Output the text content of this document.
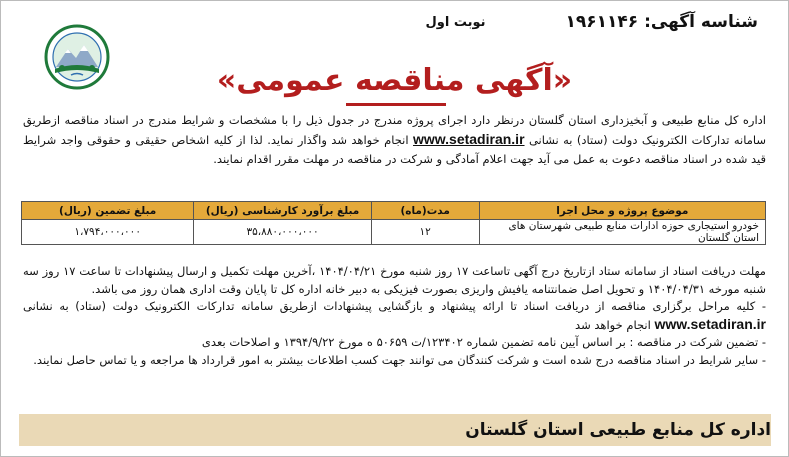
شناسه آگهی: ۱۹۶۱۱۴۶
نوبت اول
«آگهی مناقصه عمومی»
اداره کل منابع طبیعی و آبخیزداری استان گلستان درنظر دارد اجرای پروژه مندرج در جدول ذیل را با مشخصات و شرایط مندرج در اسناد مناقصه ازطریق سامانه تدارکات الکترونیک دولت (ستاد) به نشانی www.setadiran.ir انجام خواهد شد واگذار نماید. لذا از کلیه اشخاص حقیقی و حقوقی واجد شرایط قید شده در اسناد مناقصه دعوت به عمل می آید جهت اعلام آمادگی و شرکت در مناقصه در مهلت مقرر اقدام نمایند.
موضوع پروژه و محل اجرا	مدت(ماه)	مبلغ برآورد کارشناسی (ریال)	مبلغ تضمین (ریال)
خودرو استیجاری حوزه ادارات منابع طبیعی شهرستان های استان گلستان	۱۲	۳۵،۸۸۰،۰۰۰،۰۰۰	۱،۷۹۴،۰۰۰،۰۰۰

مهلت دریافت اسناد از سامانه ستاد ازتاریخ درج آگهی تاساعت ۱۷ روز شنبه مورخ ۱۴۰۴/۰۴/۲۱ ،آخرین مهلت تکمیل و ارسال پیشنهادات تا ساعت ۱۷ روز سه شنبه مورخه ۱۴۰۴/۰۴/۳۱ و تحویل اصل ضمانتنامه یافیش واریزی بصورت فیزیکی به دبیر خانه اداره کل تا پایان وقت اداری همان روز می باشد.

- کلیه مراحل برگزاری مناقصه از دریافت اسناد تا ارائه پیشنهاد و بازگشایی پیشنهادات ازطریق سامانه تدارکات الکترونیک دولت (ستاد) به نشانی www.setadiran.ir انجام خواهد شد

- تضمین شرکت در مناقصه : بر اساس آیین نامه تضمین شماره ۱۲۳۴۰۲/ت ۵۰۶۵۹ ه مورخ ۱۳۹۴/۹/۲۲ و اصلاحات بعدی

- سایر شرایط در اسناد مناقصه درج شده است و شرکت کنندگان می توانند جهت کسب اطلاعات بیشتر به امور قرارداد ها مراجعه و یا تماس حاصل نمایند.

اداره کل منابع طبیعی استان گلستان
